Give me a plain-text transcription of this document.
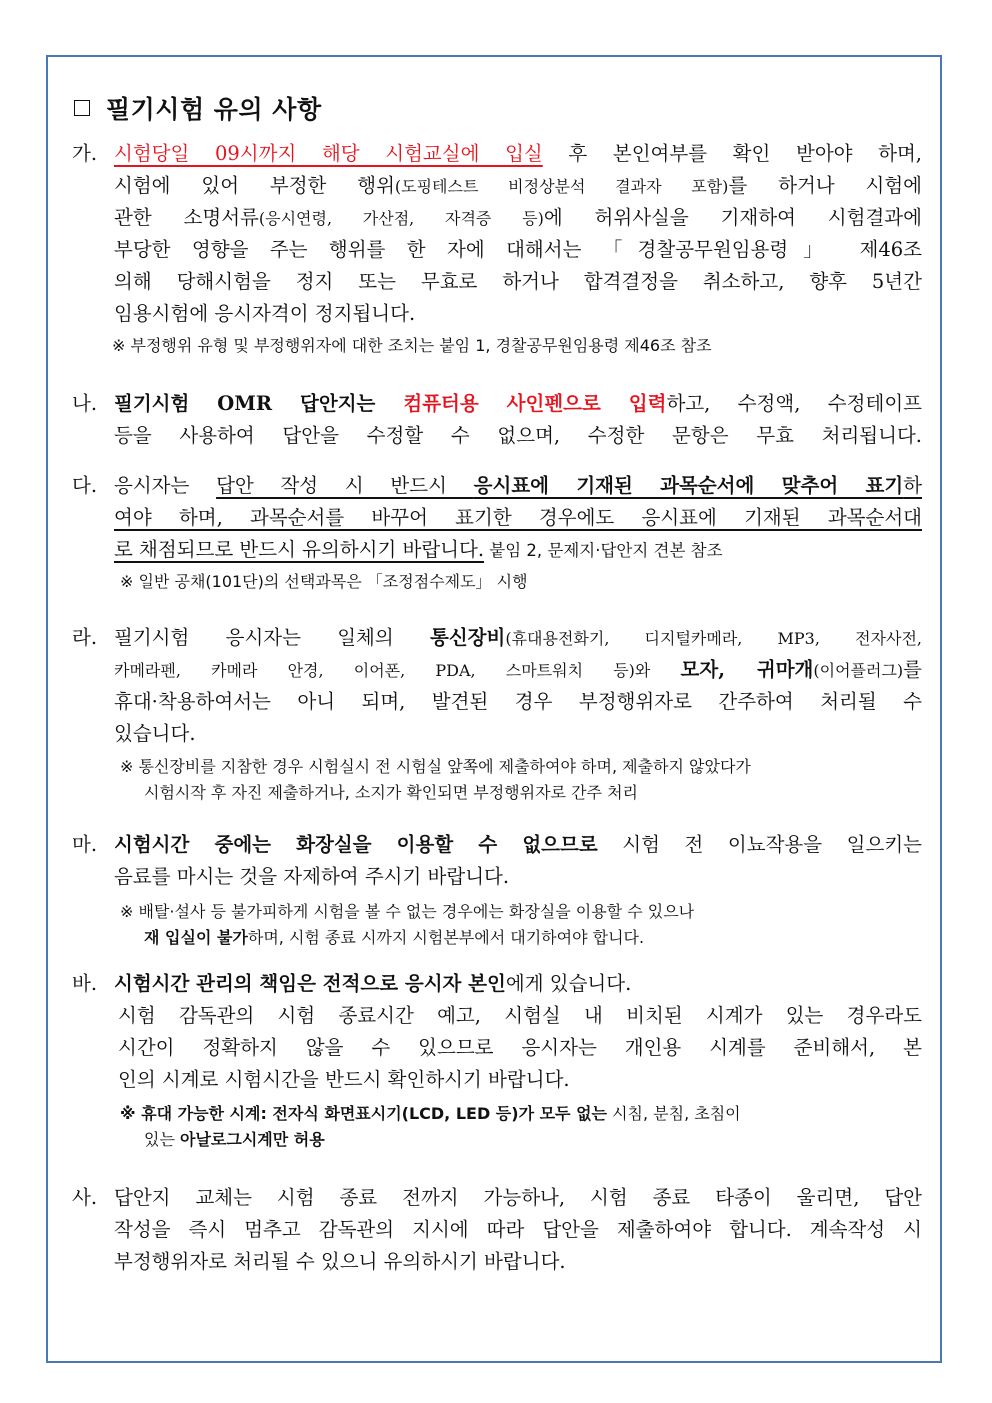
필기시험 유의 사항
가. 시험당일 09시까지 해당 시험교실에 입실 후 본인여부를 확인 받아야 하며,
시험에 있어 부정한 행위(도핑테스트 비정상분석 결과자 포함)를 하거나 시험에
관한 소명서류(응시연령, 가산점, 자격증 등)에 허위사실을 기재하여 시험결과에
부당한 영향을 주는 행위를 한 자에 대해서는 「경찰공무원임용령」 제46조
의해 당해시험을 정지 또는 무효로 하거나 합격결정을 취소하고, 향후 5년간
임용시험에 응시자격이 정지됩니다.
※ 부정행위 유형 및 부정행위자에 대한 조치는 붙임 1, 경찰공무원임용령 제46조 참조
나. 필기시험 OMR 답안지는 컴퓨터용 사인펜으로 입력하고, 수정액, 수정테이프
등을 사용하여 답안을 수정할 수 없으며, 수정한 문항은 무효 처리됩니다.
다. 응시자는 답안 작성 시 반드시 응시표에 기재된 과목순서에 맞추어 표기하
여야 하며, 과목순서를 바꾸어 표기한 경우에도 응시표에 기재된 과목순서대
로 채점되므로 반드시 유의하시기 바랍니다. 붙임 2, 문제지·답안지 견본 참조
※ 일반 공채(101단)의 선택과목은 「조정점수제도」 시행
라. 필기시험 응시자는 일체의 통신장비(휴대용전화기, 디지털카메라, MP3, 전자사전,
카메라펜, 카메라 안경, 이어폰, PDA, 스마트워치 등)와 모자, 귀마개(이어플러그)를
휴대·착용하여서는 아니 되며, 발견된 경우 부정행위자로 간주하여 처리될 수
있습니다.
※ 통신장비를 지참한 경우 시험실시 전 시험실 앞쪽에 제출하여야 하며, 제출하지 않았다가
시험시작 후 자진 제출하거나, 소지가 확인되면 부정행위자로 간주 처리
마. 시험시간 중에는 화장실을 이용할 수 없으므로 시험 전 이뇨작용을 일으키는
음료를 마시는 것을 자제하여 주시기 바랍니다.
※ 배탈·설사 등 불가피하게 시험을 볼 수 없는 경우에는 화장실을 이용할 수 있으나
재 입실이 불가하며, 시험 종료 시까지 시험본부에서 대기하여야 합니다.
바. 시험시간 관리의 책임은 전적으로 응시자 본인에게 있습니다.
시험 감독관의 시험 종료시간 예고, 시험실 내 비치된 시계가 있는 경우라도
시간이 정확하지 않을 수 있으므로 응시자는 개인용 시계를 준비해서, 본
인의 시계로 시험시간을 반드시 확인하시기 바랍니다.
※ 휴대 가능한 시계: 전자식 화면표시기(LCD, LED 등)가 모두 없는 시침, 분침, 초침이
있는 아날로그시계만 허용
사. 답안지 교체는 시험 종료 전까지 가능하나, 시험 종료 타종이 울리면, 답안
작성을 즉시 멈추고 감독관의 지시에 따라 답안을 제출하여야 합니다. 계속작성 시
부정행위자로 처리될 수 있으니 유의하시기 바랍니다.
